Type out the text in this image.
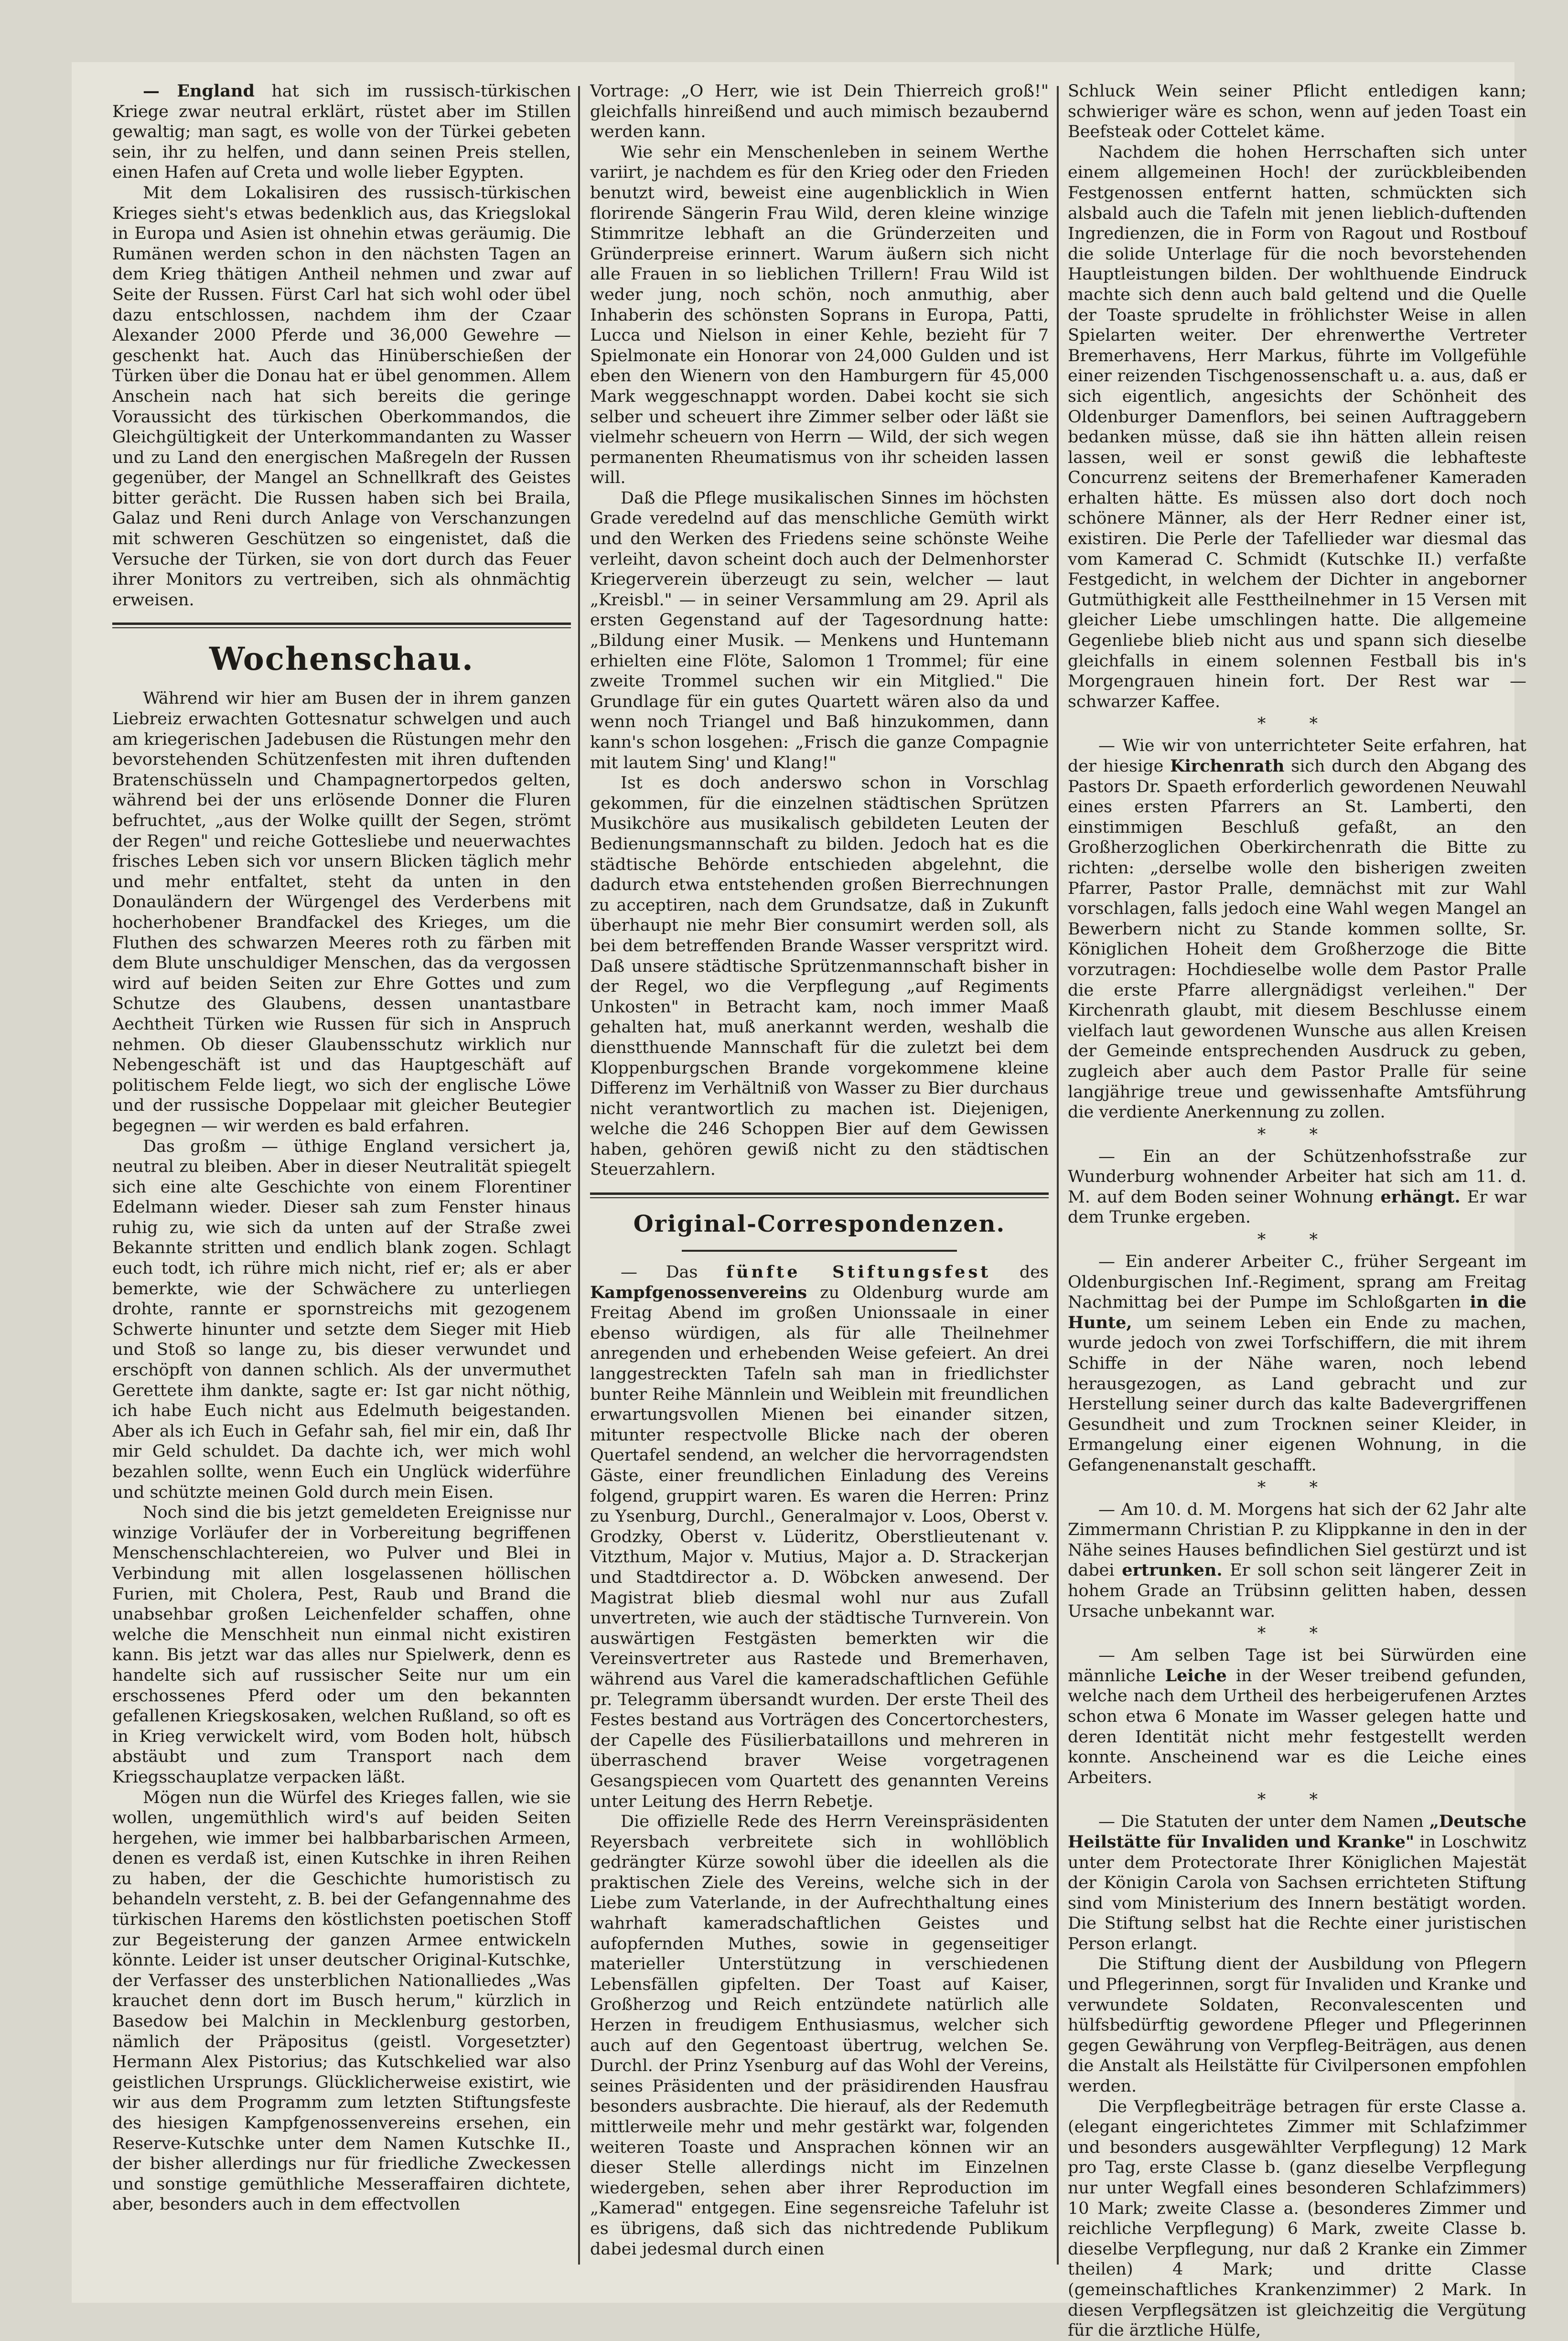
— England hat sich im russisch-türkischen Kriege zwar neutral erklärt, rüstet aber im Stillen gewaltig; man sagt, es wolle von der Türkei gebeten sein, ihr zu helfen, und dann seinen Preis stellen, einen Hafen auf Creta und wolle lieber Egypten.

Mit dem Lokalisiren des russisch-türkischen Krieges sieht's etwas bedenklich aus, das Kriegslokal in Europa und Asien ist ohnehin etwas geräumig. Die Rumänen werden schon in den nächsten Tagen an dem Krieg thätigen Antheil nehmen und zwar auf Seite der Russen. Fürst Carl hat sich wohl oder übel dazu entschlossen, nachdem ihm der Czaar Alexander 2000 Pferde und 36,000 Gewehre — geschenkt hat. Auch das Hinüberschießen der Türken über die Donau hat er übel genommen. Allem Anschein nach hat sich bereits die geringe Voraussicht des türkischen Oberkommandos, die Gleichgültigkeit der Unterkommandanten zu Wasser und zu Land den energischen Maßregeln der Russen gegenüber, der Mangel an Schnellkraft des Geistes bitter gerächt. Die Russen haben sich bei Braila, Galaz und Reni durch Anlage von Verschanzungen mit schweren Geschützen so eingenistet, daß die Versuche der Türken, sie von dort durch das Feuer ihrer Monitors zu vertreiben, sich als ohnmächtig erweisen.

Wochenschau.

Während wir hier am Busen der in ihrem ganzen Liebreiz erwachten Gottesnatur schwelgen und auch am kriegerischen Jadebusen die Rüstungen mehr den bevorstehenden Schützenfesten mit ihren duftenden Bratenschüsseln und Champagnertorpedos gelten, während bei der uns erlösende Donner die Fluren befruchtet, „aus der Wolke quillt der Segen, strömt der Regen" und reiche Gottesliebe und neuerwachtes frisches Leben sich vor unsern Blicken täglich mehr und mehr entfaltet, steht da unten in den Donauländern der Würgengel des Verderbens mit hocherhobener Brandfackel des Krieges, um die Fluthen des schwarzen Meeres roth zu färben mit dem Blute unschuldiger Menschen, das da vergossen wird auf beiden Seiten zur Ehre Gottes und zum Schutze des Glaubens, dessen unantastbare Aechtheit Türken wie Russen für sich in Anspruch nehmen. Ob dieser Glaubensschutz wirklich nur Nebengeschäft ist und das Hauptgeschäft auf politischem Felde liegt, wo sich der englische Löwe und der russische Doppelaar mit gleicher Beutegier begegnen — wir werden es bald erfahren.

Das großm — üthige England versichert ja, neutral zu bleiben. Aber in dieser Neutralität spiegelt sich eine alte Geschichte von einem Florentiner Edelmann wieder. Dieser sah zum Fenster hinaus ruhig zu, wie sich da unten auf der Straße zwei Bekannte stritten und endlich blank zogen. Schlagt euch todt, ich rühre mich nicht, rief er; als er aber bemerkte, wie der Schwächere zu unterliegen drohte, rannte er spornstreichs mit gezogenem Schwerte hinunter und setzte dem Sieger mit Hieb und Stoß so lange zu, bis dieser verwundet und erschöpft von dannen schlich. Als der unvermuthet Gerettete ihm dankte, sagte er: Ist gar nicht nöthig, ich habe Euch nicht aus Edelmuth beigestanden. Aber als ich Euch in Gefahr sah, fiel mir ein, daß Ihr mir Geld schuldet. Da dachte ich, wer mich wohl bezahlen sollte, wenn Euch ein Unglück widerführe und schützte meinen Gold durch mein Eisen.

Noch sind die bis jetzt gemeldeten Ereignisse nur winzige Vorläufer der in Vorbereitung begriffenen Menschenschlachtereien, wo Pulver und Blei in Verbindung mit allen losgelassenen höllischen Furien, mit Cholera, Pest, Raub und Brand die unabsehbar großen Leichenfelder schaffen, ohne welche die Menschheit nun einmal nicht existiren kann. Bis jetzt war das alles nur Spielwerk, denn es handelte sich auf russischer Seite nur um ein erschossenes Pferd oder um den bekannten gefallenen Kriegskosaken, welchen Rußland, so oft es in Krieg verwickelt wird, vom Boden holt, hübsch abstäubt und zum Transport nach dem Kriegsschauplatze verpacken läßt.

Mögen nun die Würfel des Krieges fallen, wie sie wollen, ungemüthlich wird's auf beiden Seiten hergehen, wie immer bei halbbarbarischen Armeen, denen es verdaß ist, einen Kutschke in ihren Reihen zu haben, der die Geschichte humoristisch zu behandeln versteht, z. B. bei der Gefangennahme des türkischen Harems den köstlichsten poetischen Stoff zur Begeisterung der ganzen Armee entwickeln könnte. Leider ist unser deutscher Original-Kutschke, der Verfasser des unsterblichen Nationalliedes „Was krauchet denn dort im Busch herum," kürzlich in Basedow bei Malchin in Mecklenburg gestorben, nämlich der Präpositus (geistl. Vorgesetzter) Hermann Alex Pistorius; das Kutschkelied war also geistlichen Ursprungs. Glücklicherweise existirt, wie wir aus dem Programm zum letzten Stiftungsfeste des hiesigen Kampfgenossenvereins ersehen, ein Reserve-Kutschke unter dem Namen Kutschke II., der bisher allerdings nur für friedliche Zweckessen und sonstige gemüthliche Messeraffairen dichtete, aber, besonders auch in dem effectvollen

Vortrage: „O Herr, wie ist Dein Thierreich groß!" gleichfalls hinreißend und auch mimisch bezaubernd werden kann.

Wie sehr ein Menschenleben in seinem Werthe variirt, je nachdem es für den Krieg oder den Frieden benutzt wird, beweist eine augenblicklich in Wien florirende Sängerin Frau Wild, deren kleine winzige Stimmritze lebhaft an die Gründerzeiten und Gründerpreise erinnert. Warum äußern sich nicht alle Frauen in so lieblichen Trillern! Frau Wild ist weder jung, noch schön, noch anmuthig, aber Inhaberin des schönsten Soprans in Europa, Patti, Lucca und Nielson in einer Kehle, bezieht für 7 Spielmonate ein Honorar von 24,000 Gulden und ist eben den Wienern von den Hamburgern für 45,000 Mark weggeschnappt worden. Dabei kocht sie sich selber und scheuert ihre Zimmer selber oder läßt sie vielmehr scheuern von Herrn — Wild, der sich wegen permanenten Rheumatismus von ihr scheiden lassen will.

Daß die Pflege musikalischen Sinnes im höchsten Grade veredelnd auf das menschliche Gemüth wirkt und den Werken des Friedens seine schönste Weihe verleiht, davon scheint doch auch der Delmenhorster Kriegerverein überzeugt zu sein, welcher — laut „Kreisbl." — in seiner Versammlung am 29. April als ersten Gegenstand auf der Tagesordnung hatte: „Bildung einer Musik. — Menkens und Huntemann erhielten eine Flöte, Salomon 1 Trommel; für eine zweite Trommel suchen wir ein Mitglied." Die Grundlage für ein gutes Quartett wären also da und wenn noch Triangel und Baß hinzukommen, dann kann's schon losgehen: „Frisch die ganze Compagnie mit lautem Sing' und Klang!"

Ist es doch anderswo schon in Vorschlag gekommen, für die einzelnen städtischen Sprützen Musikchöre aus musikalisch gebildeten Leuten der Bedienungsmannschaft zu bilden. Jedoch hat es die städtische Behörde entschieden abgelehnt, die dadurch etwa entstehenden großen Bierrechnungen zu acceptiren, nach dem Grundsatze, daß in Zukunft überhaupt nie mehr Bier consumirt werden soll, als bei dem betreffenden Brande Wasser verspritzt wird. Daß unsere städtische Sprützenmannschaft bisher in der Regel, wo die Verpflegung „auf Regiments Unkosten" in Betracht kam, noch immer Maaß gehalten hat, muß anerkannt werden, weshalb die dienstthuende Mannschaft für die zuletzt bei dem Kloppenburgschen Brande vorgekommene kleine Differenz im Verhältniß von Wasser zu Bier durchaus nicht verantwortlich zu machen ist. Diejenigen, welche die 246 Schoppen Bier auf dem Gewissen haben, gehören gewiß nicht zu den städtischen Steuerzahlern.

Original-Correspondenzen.

— Das fünfte Stiftungsfest des Kampfgenossenvereins zu Oldenburg wurde am Freitag Abend im großen Unionssaale in einer ebenso würdigen, als für alle Theilnehmer anregenden und erhebenden Weise gefeiert. An drei langgestreckten Tafeln sah man in friedlichster bunter Reihe Männlein und Weiblein mit freundlichen erwartungsvollen Mienen bei einander sitzen, mitunter respectvolle Blicke nach der oberen Quertafel sendend, an welcher die hervorragendsten Gäste, einer freundlichen Einladung des Vereins folgend, gruppirt waren. Es waren die Herren: Prinz zu Ysenburg, Durchl., Generalmajor v. Loos, Oberst v. Grodzky, Oberst v. Lüderitz, Oberstlieutenant v. Vitzthum, Major v. Mutius, Major a. D. Strackerjan und Stadtdirector a. D. Wöbcken anwesend. Der Magistrat blieb diesmal wohl nur aus Zufall unvertreten, wie auch der städtische Turnverein. Von auswärtigen Festgästen bemerkten wir die Vereinsvertreter aus Rastede und Bremerhaven, während aus Varel die kameradschaftlichen Gefühle pr. Telegramm übersandt wurden. Der erste Theil des Festes bestand aus Vorträgen des Concertorchesters, der Capelle des Füsilierbataillons und mehreren in überraschend braver Weise vorgetragenen Gesangspiecen vom Quartett des genannten Vereins unter Leitung des Herrn Rebetje.

Die offizielle Rede des Herrn Vereinspräsidenten Reyersbach verbreitete sich in wohllöblich gedrängter Kürze sowohl über die ideellen als die praktischen Ziele des Vereins, welche sich in der Liebe zum Vaterlande, in der Aufrechthaltung eines wahrhaft kameradschaftlichen Geistes und aufopfernden Muthes, sowie in gegenseitiger materieller Unterstützung in verschiedenen Lebensfällen gipfelten. Der Toast auf Kaiser, Großherzog und Reich entzündete natürlich alle Herzen in freudigem Enthusiasmus, welcher sich auch auf den Gegentoast übertrug, welchen Se. Durchl. der Prinz Ysenburg auf das Wohl der Vereins, seines Präsidenten und der präsidirenden Hausfrau besonders ausbrachte. Die hierauf, als der Redemuth mittlerweile mehr und mehr gestärkt war, folgenden weiteren Toaste und Ansprachen können wir an dieser Stelle allerdings nicht im Einzelnen wiedergeben, sehen aber ihrer Reproduction im „Kamerad" entgegen. Eine segensreiche Tafeluhr ist es übrigens, daß sich das nichtredende Publikum dabei jedesmal durch einen

Schluck Wein seiner Pflicht entledigen kann; schwieriger wäre es schon, wenn auf jeden Toast ein Beefsteak oder Cottelet käme.

Nachdem die hohen Herrschaften sich unter einem allgemeinen Hoch! der zurückbleibenden Festgenossen entfernt hatten, schmückten sich alsbald auch die Tafeln mit jenen lieblich-duftenden Ingredienzen, die in Form von Ragout und Rostbouf die solide Unterlage für die noch bevorstehenden Hauptleistungen bilden. Der wohlthuende Eindruck machte sich denn auch bald geltend und die Quelle der Toaste sprudelte in fröhlichster Weise in allen Spielarten weiter. Der ehrenwerthe Vertreter Bremerhavens, Herr Markus, führte im Vollgefühle einer reizenden Tischgenossenschaft u. a. aus, daß er sich eigentlich, angesichts der Schönheit des Oldenburger Damenflors, bei seinen Auftraggebern bedanken müsse, daß sie ihn hätten allein reisen lassen, weil er sonst gewiß die lebhafteste Concurrenz seitens der Bremerhafener Kameraden erhalten hätte. Es müssen also dort doch noch schönere Männer, als der Herr Redner einer ist, existiren. Die Perle der Tafellieder war diesmal das vom Kamerad C. Schmidt (Kutschke II.) verfaßte Festgedicht, in welchem der Dichter in angeborner Gutmüthigkeit alle Festtheilnehmer in 15 Versen mit gleicher Liebe umschlingen hatte. Die allgemeine Gegenliebe blieb nicht aus und spann sich dieselbe gleichfalls in einem solennen Festball bis in's Morgengrauen hinein fort. Der Rest war — schwarzer Kaffee.

* *

— Wie wir von unterrichteter Seite erfahren, hat der hiesige Kirchenrath sich durch den Abgang des Pastors Dr. Spaeth erforderlich gewordenen Neuwahl eines ersten Pfarrers an St. Lamberti, den einstimmigen Beschluß gefaßt, an den Großherzoglichen Oberkirchenrath die Bitte zu richten: „derselbe wolle den bisherigen zweiten Pfarrer, Pastor Pralle, demnächst mit zur Wahl vorschlagen, falls jedoch eine Wahl wegen Mangel an Bewerbern nicht zu Stande kommen sollte, Sr. Königlichen Hoheit dem Großherzoge die Bitte vorzutragen: Hochdieselbe wolle dem Pastor Pralle die erste Pfarre allergnädigst verleihen." Der Kirchenrath glaubt, mit diesem Beschlusse einem vielfach laut gewordenen Wunsche aus allen Kreisen der Gemeinde entsprechenden Ausdruck zu geben, zugleich aber auch dem Pastor Pralle für seine langjährige treue und gewissenhafte Amtsführung die verdiente Anerkennung zu zollen.

* *

— Ein an der Schützenhofsstraße zur Wunderburg wohnender Arbeiter hat sich am 11. d. M. auf dem Boden seiner Wohnung erhängt. Er war dem Trunke ergeben.

* *

— Ein anderer Arbeiter C., früher Sergeant im Oldenburgischen Inf.-Regiment, sprang am Freitag Nachmittag bei der Pumpe im Schloßgarten in die Hunte, um seinem Leben ein Ende zu machen, wurde jedoch von zwei Torfschiffern, die mit ihrem Schiffe in der Nähe waren, noch lebend herausgezogen, as Land gebracht und zur Herstellung seiner durch das kalte Badevergriffenen Gesundheit und zum Trocknen seiner Kleider, in Ermangelung einer eigenen Wohnung, in die Gefangenenanstalt geschafft.

* *

— Am 10. d. M. Morgens hat sich der 62 Jahr alte Zimmermann Christian P. zu Klippkanne in den in der Nähe seines Hauses befindlichen Siel gestürzt und ist dabei ertrunken. Er soll schon seit längerer Zeit in hohem Grade an Trübsinn gelitten haben, dessen Ursache unbekannt war.

* *

— Am selben Tage ist bei Sürwürden eine männliche Leiche in der Weser treibend gefunden, welche nach dem Urtheil des herbeigerufenen Arztes schon etwa 6 Monate im Wasser gelegen hatte und deren Identität nicht mehr festgestellt werden konnte. Anscheinend war es die Leiche eines Arbeiters.

* *

— Die Statuten der unter dem Namen „Deutsche Heilstätte für Invaliden und Kranke" in Loschwitz unter dem Protectorate Ihrer Königlichen Majestät der Königin Carola von Sachsen errichteten Stiftung sind vom Ministerium des Innern bestätigt worden. Die Stiftung selbst hat die Rechte einer juristischen Person erlangt.

Die Stiftung dient der Ausbildung von Pflegern und Pflegerinnen, sorgt für Invaliden und Kranke und verwundete Soldaten, Reconvalescenten und hülfsbedürftig gewordene Pfleger und Pflegerinnen gegen Gewährung von Verpfleg-Beiträgen, aus denen die Anstalt als Heilstätte für Civilpersonen empfohlen werden.

Die Verpflegbeiträge betragen für erste Classe a. (elegant eingerichtetes Zimmer mit Schlafzimmer und besonders ausgewählter Verpflegung) 12 Mark pro Tag, erste Classe b. (ganz dieselbe Verpflegung nur unter Wegfall eines besonderen Schlafzimmers) 10 Mark; zweite Classe a. (besonderes Zimmer und reichliche Verpflegung) 6 Mark, zweite Classe b. dieselbe Verpflegung, nur daß 2 Kranke ein Zimmer theilen) 4 Mark; und dritte Classe (gemeinschaftliches Krankenzimmer) 2 Mark. In diesen Verpflegsätzen ist gleichzeitig die Vergütung für die ärztliche Hülfe,
